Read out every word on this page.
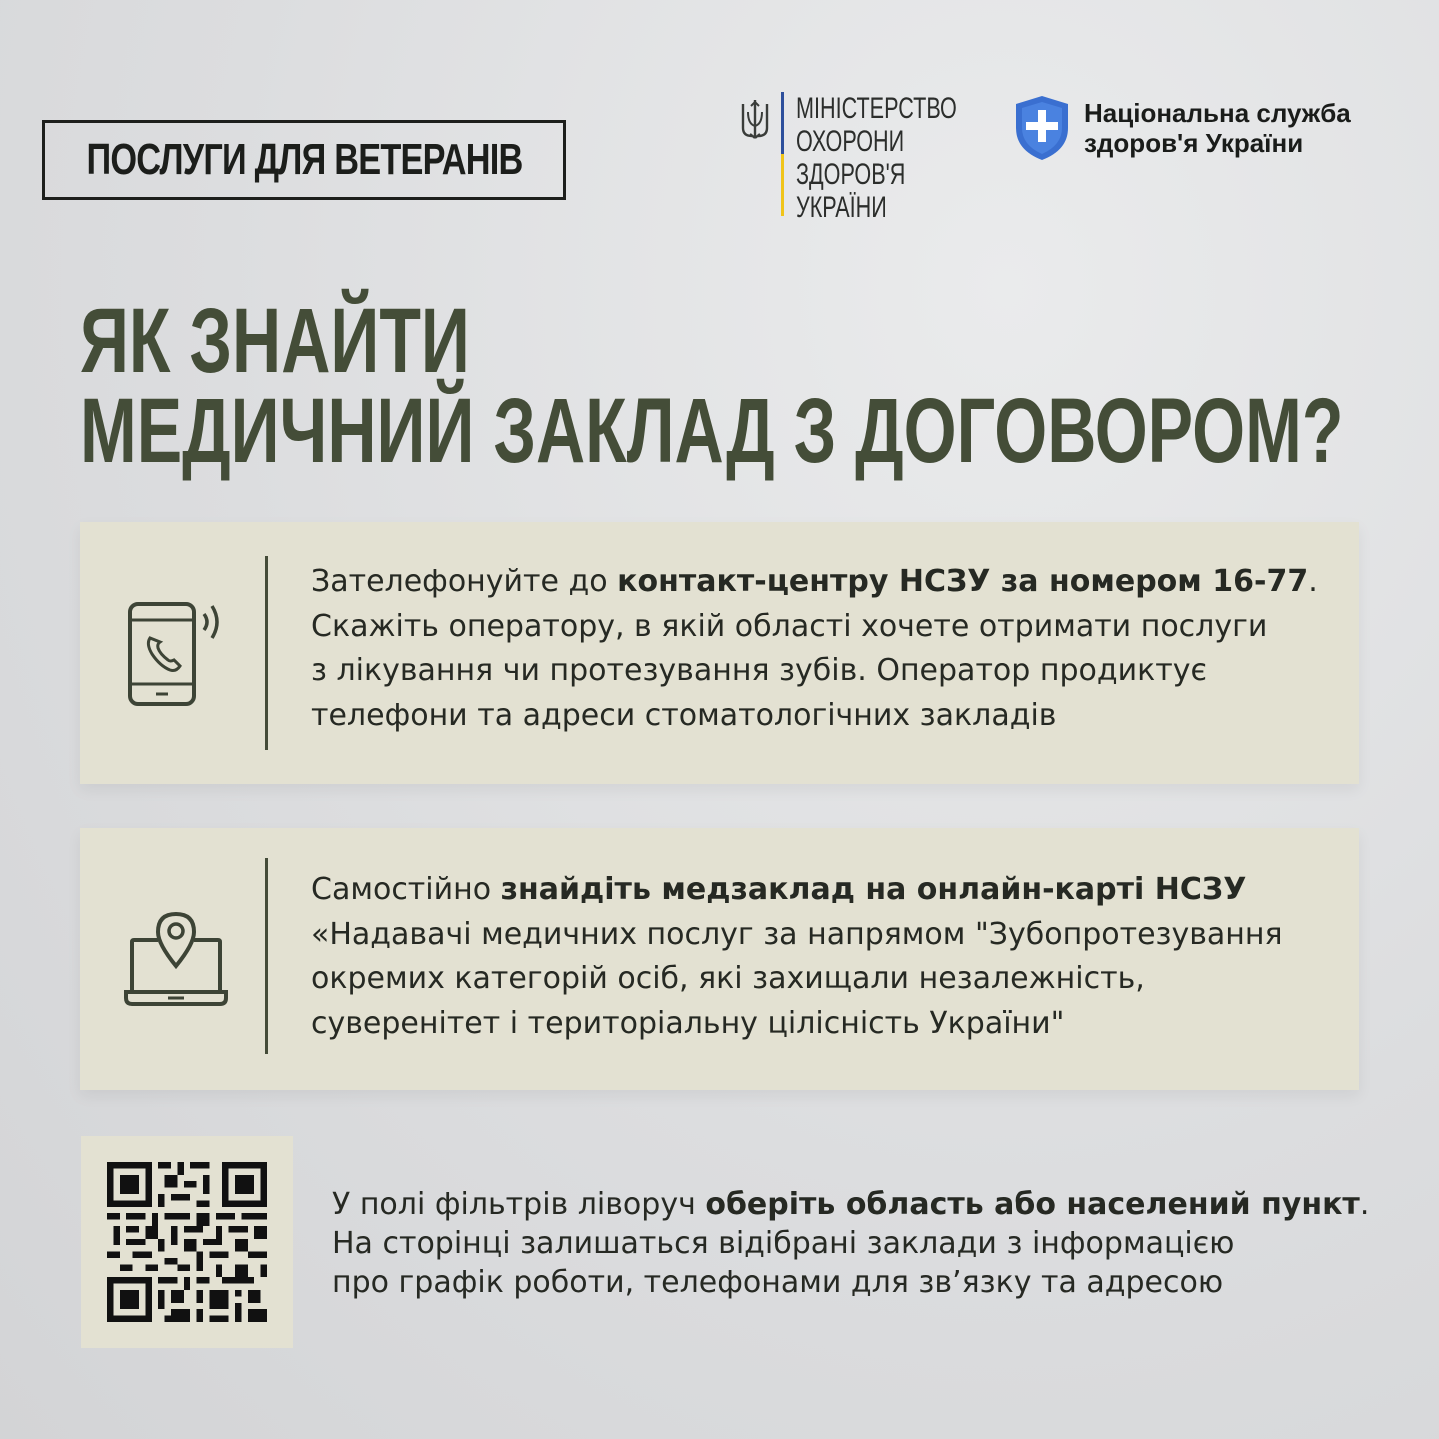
ПОСЛУГИ ДЛЯ ВЕТЕРАНІВ
МІНІСТЕРСТВО
ОХОРОНИ
ЗДОРОВ'Я
УКРАЇНИ
Національна служба
здоров'я України
ЯК ЗНАЙТИ
МЕДИЧНИЙ ЗАКЛАД З ДОГОВОРОМ?
Зателефонуйте до контакт-центру НСЗУ за номером 16-77.
Скажіть оператору, в якій області хочете отримати послуги
з лікування чи протезування зубів. Оператор продиктує
телефони та адреси стоматологічних закладів
Самостійно знайдіть медзаклад на онлайн-карті НСЗУ
«Надавачі медичних послуг за напрямом "Зубопротезування
окремих категорій осіб, які захищали незалежність,
суверенітет і територіальну цілісність України"
У полі фільтрів ліворуч оберіть область або населений пункт.
На сторінці залишаться відібрані заклади з інформацією
про графік роботи, телефонами для зв’язку та адресою
